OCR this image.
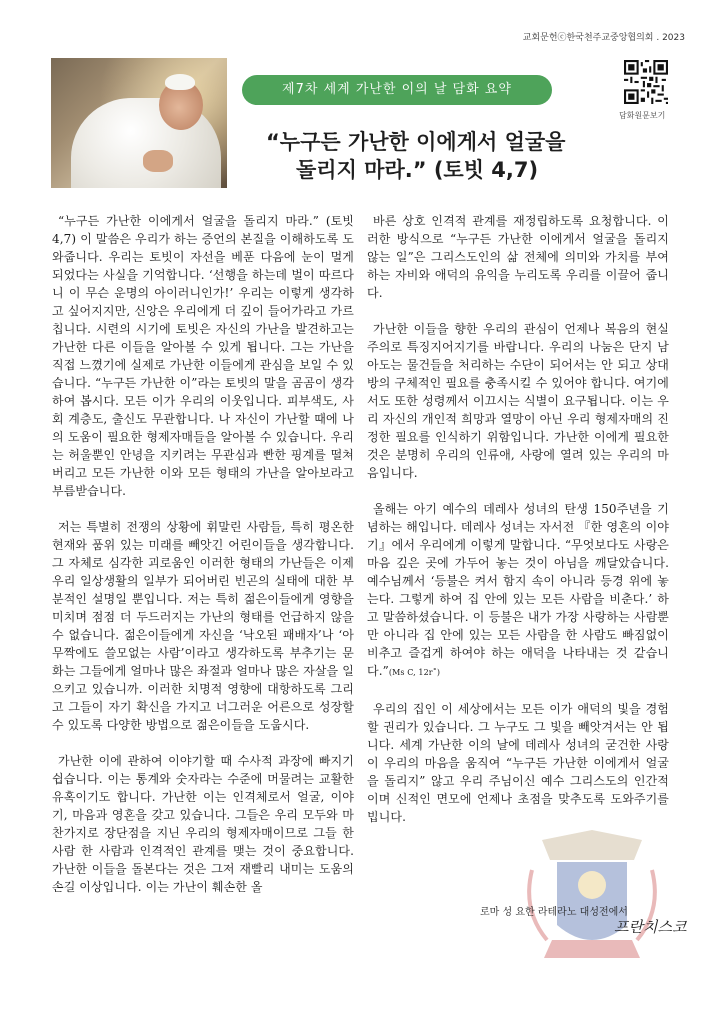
교회문헌ⓒ한국천주교중앙협의회 . 2023
제7차 세계 가난한 이의 날 담화 요약
“누구든 가난한 이에게서 얼굴을
돌리지 마라.” (토빗 4,7)
담화원문보기

“누구든 가난한 이에게서 얼굴을 돌리지 마라.” (토빗 4,7) 이 말씀은 우리가 하는 증언의 본질을 이해하도록 도와줍니다. 우리는 토빗이 자선을 베푼 다음에 눈이 멀게 되었다는 사실을 기억합니다. ‘선행을 하는데 벌이 따르다니 이 무슨 운명의 아이러니인가!’ 우리는 이렇게 생각하고 싶어지지만, 신앙은 우리에게 더 깊이 들어가라고 가르칩니다. 시련의 시기에 토빗은 자신의 가난을 발견하고는 가난한 다른 이들을 알아볼 수 있게 됩니다. 그는 가난을 직접 느꼈기에 실제로 가난한 이들에게 관심을 보일 수 있습니다. “누구든 가난한 이”라는 토빗의 말을 곰곰이 생각하여 봅시다. 모든 이가 우리의 이웃입니다. 피부색도, 사회 계층도, 출신도 무관합니다. 나 자신이 가난할 때에 나의 도움이 필요한 형제자매들을 알아볼 수 있습니다. 우리는 허울뿐인 안녕을 지키려는 무관심과 빤한 핑계를 떨쳐버리고 모든 가난한 이와 모든 형태의 가난을 알아보라고 부름받습니다.

저는 특별히 전쟁의 상황에 휘말린 사람들, 특히 평온한 현재와 품위 있는 미래를 빼앗긴 어린이들을 생각합니다. 그 자체로 심각한 괴로움인 이러한 형태의 가난들은 이제 우리 일상생활의 일부가 되어버린 빈곤의 실태에 대한 부분적인 설명일 뿐입니다. 저는 특히 젊은이들에게 영향을 미치며 점점 더 두드러지는 가난의 형태를 언급하지 않을 수 없습니다. 젊은이들에게 자신을 ‘낙오된 패배자’나 ‘아무짝에도 쓸모없는 사람’이라고 생각하도록 부추기는 문화는 그들에게 얼마나 많은 좌절과 얼마나 많은 자살을 일으키고 있습니까. 이러한 치명적 영향에 대항하도록 그리고 그들이 자기 확신을 가지고 너그러운 어른으로 성장할 수 있도록 다양한 방법으로 젊은이들을 도웁시다.

가난한 이에 관하여 이야기할 때 수사적 과장에 빠지기 쉽습니다. 이는 통계와 숫자라는 수준에 머물려는 교활한 유혹이기도 합니다. 가난한 이는 인격체로서 얼굴, 이야기, 마음과 영혼을 갖고 있습니다. 그들은 우리 모두와 마찬가지로 장단점을 지닌 우리의 형제자매이므로 그들 한 사람 한 사람과 인격적인 관계를 맺는 것이 중요합니다. 가난한 이들을 돌본다는 것은 그저 재빨리 내미는 도움의 손길 이상입니다. 이는 가난이 훼손한 올

바른 상호 인격적 관계를 재정립하도록 요청합니다. 이러한 방식으로 “누구든 가난한 이에게서 얼굴을 돌리지 않는 일”은 그리스도인의 삶 전체에 의미와 가치를 부여하는 자비와 애덕의 유익을 누리도록 우리를 이끌어 줍니다.

가난한 이들을 향한 우리의 관심이 언제나 복음의 현실주의로 특징지어지기를 바랍니다. 우리의 나눔은 단지 남아도는 물건들을 처리하는 수단이 되어서는 안 되고 상대방의 구체적인 필요를 충족시킬 수 있어야 합니다. 여기에서도 또한 성령께서 이끄시는 식별이 요구됩니다. 이는 우리 자신의 개인적 희망과 열망이 아닌 우리 형제자매의 진정한 필요를 인식하기 위함입니다. 가난한 이에게 필요한 것은 분명히 우리의 인류애, 사랑에 열려 있는 우리의 마음입니다.

올해는 아기 예수의 데레사 성녀의 탄생 150주년을 기념하는 해입니다. 데레사 성녀는 자서전 『한 영혼의 이야기』에서 우리에게 이렇게 말합니다. “무엇보다도 사랑은 마음 깊은 곳에 가두어 놓는 것이 아님을 깨달았습니다. 예수님께서 ‘등불은 켜서 함지 속이 아니라 등경 위에 놓는다. 그렇게 하여 집 안에 있는 모든 사람을 비춘다.’ 하고 말씀하셨습니다. 이 등불은 내가 가장 사랑하는 사람뿐만 아니라 집 안에 있는 모든 사람을 한 사람도 빠짐없이 비추고 즐겁게 하여야 하는 애덕을 나타내는 것 같습니다.”(Ms C, 12r˚)

우리의 집인 이 세상에서는 모든 이가 애덕의 빛을 경험할 권리가 있습니다. 그 누구도 그 빛을 빼앗겨서는 안 됩니다. 세계 가난한 이의 날에 데레사 성녀의 굳건한 사랑이 우리의 마음을 움직여 “누구든 가난한 이에게서 얼굴을 돌리지” 않고 우리 주님이신 예수 그리스도의 인간적이며 신적인 면모에 언제나 초점을 맞추도록 도와주기를 빕니다.

로마 성 요한 라테라노 대성전에서
프란치스코
